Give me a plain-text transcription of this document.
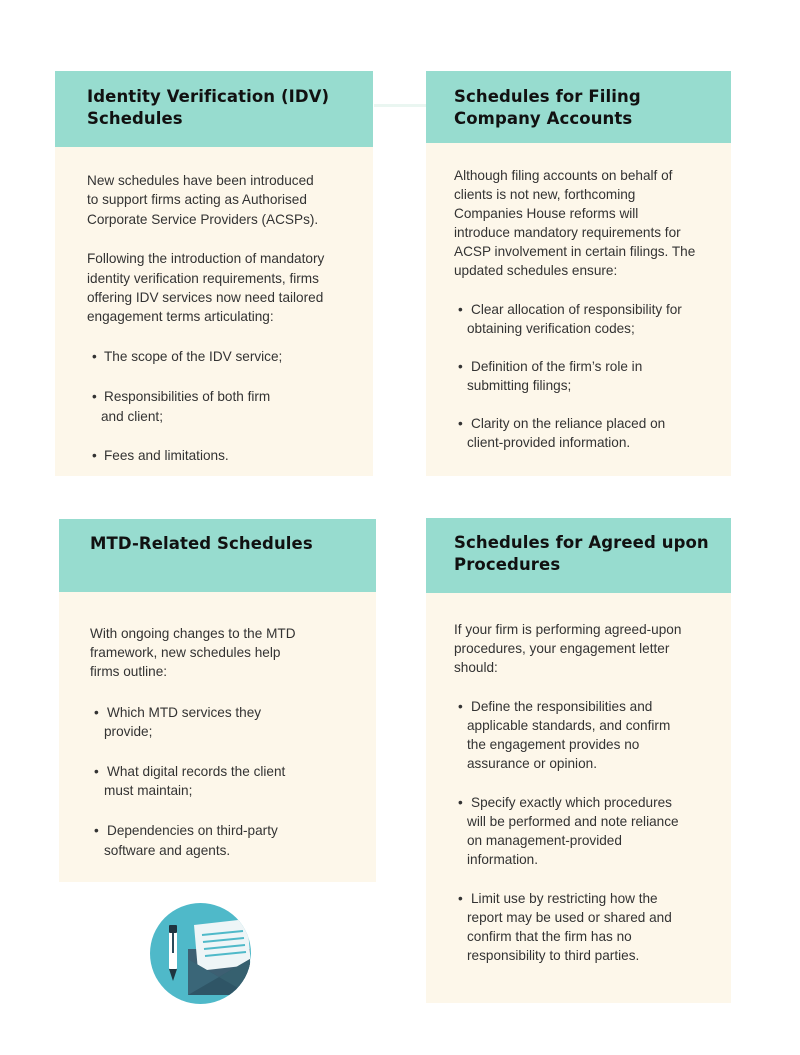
Identity Verification (IDV)
Schedules

New schedules have been introduced
to support firms acting as Authorised
Corporate Service Providers (ACSPs).

Following the introduction of mandatory
identity verification requirements, firms
offering IDV services now need tailored
engagement terms articulating:

• The scope of the IDV service;
• Responsibilities of both firm
and client;
• Fees and limitations.
Schedules for Filing
Company Accounts

Although filing accounts on behalf of
clients is not new, forthcoming
Companies House reforms will
introduce mandatory requirements for
ACSP involvement in certain filings. The
updated schedules ensure:

• Clear allocation of responsibility for
obtaining verification codes;
• Definition of the firm’s role in
submitting filings;
• Clarity on the reliance placed on
client-provided information.
MTD-Related Schedules

With ongoing changes to the MTD
framework, new schedules help
firms outline:

• Which MTD services they
provide;
• What digital records the client
must maintain;
• Dependencies on third-party
software and agents.
Schedules for Agreed upon
Procedures

If your firm is performing agreed-upon
procedures, your engagement letter
should:

• Define the responsibilities and
applicable standards, and confirm
the engagement provides no
assurance or opinion.
• Specify exactly which procedures
will be performed and note reliance
on management-provided
information.
• Limit use by restricting how the
report may be used or shared and
confirm that the firm has no
responsibility to third parties.
